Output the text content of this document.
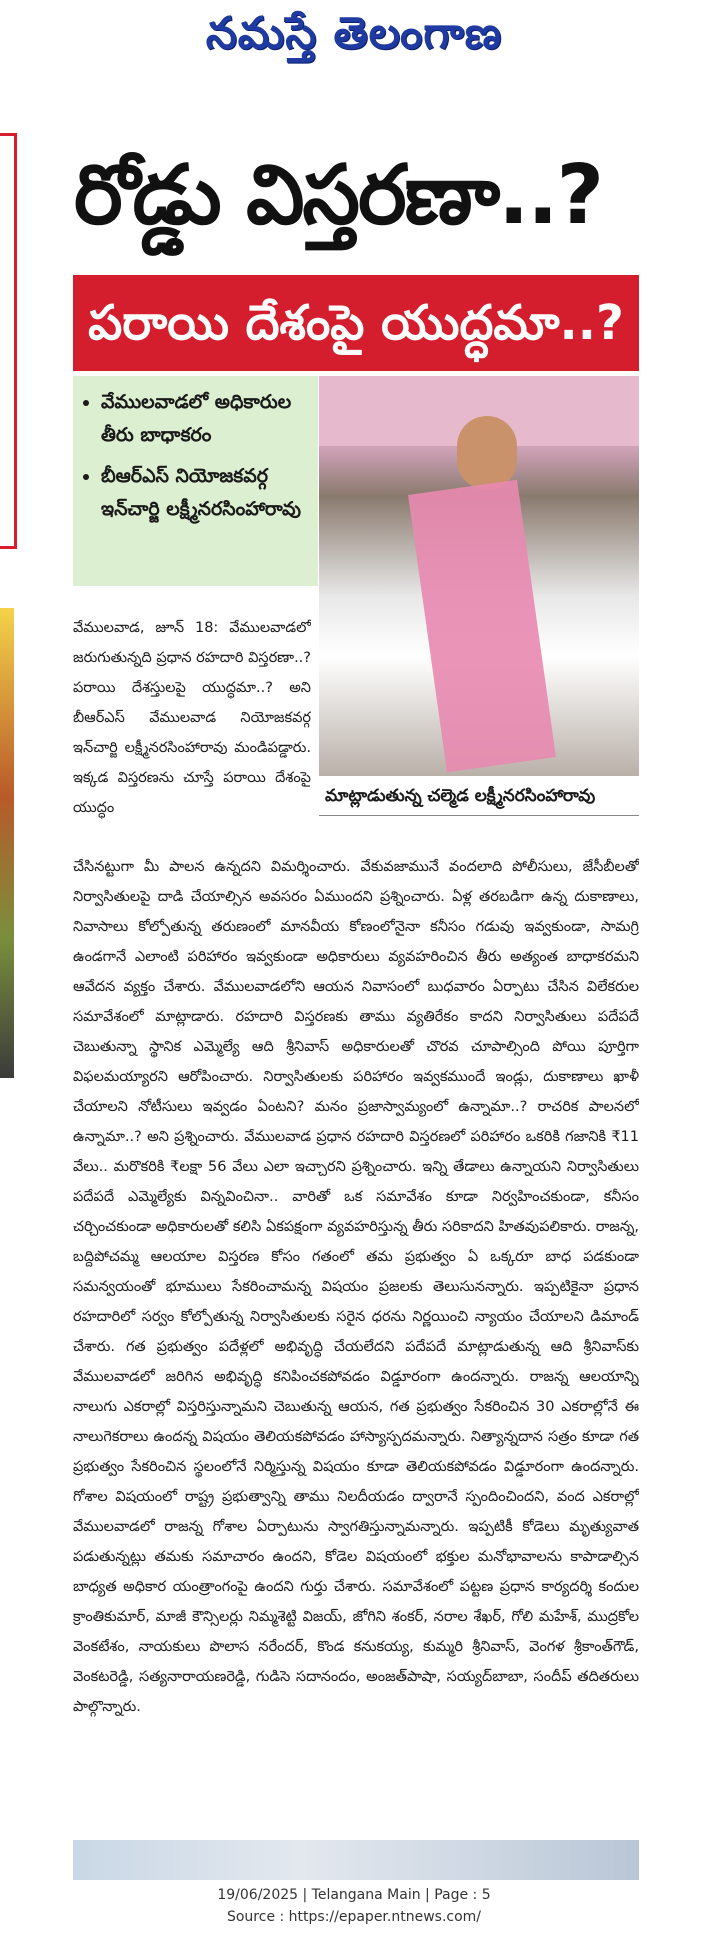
నమస్తే తెలంగాణ
రోడ్డు విస్తరణా..?
పరాయి దేశంపై యుద్ధమా..?
• వేములవాడలో అధికారుల తీరు బాధాకరం
• బీఆర్ఎస్ నియోజకవర్గ ఇన్‌చార్జి లక్ష్మీనరసింహారావు
మాట్లాడుతున్న చల్మెడ లక్ష్మీనరసింహారావు

వేములవాడ, జూన్ 18: వేములవాడలో జరుగుతున్నది ప్రధాన రహదారి విస్తరణా..? పరాయి దేశస్తులపై యుద్ధమా..? అని బీఆర్ఎస్ వేములవాడ నియోజకవర్గ ఇన్‌చార్జి లక్ష్మీనరసింహారావు మండిపడ్డారు. ఇక్కడ విస్తరణను చూస్తే పరాయి దేశంపై యుద్ధం

చేసినట్టుగా మీ పాలన ఉన్నదని విమర్శించారు. వేకువజామునే వందలాది పోలీసులు, జేసీబీలతో నిర్వాసితులపై దాడి చేయాల్సిన అవసరం ఏముందని ప్రశ్నించారు. ఏళ్ల తరబడిగా ఉన్న దుకాణాలు, నివాసాలు కోల్పోతున్న తరుణంలో మానవీయ కోణంలోనైనా కనీసం గడువు ఇవ్వకుండా, సామగ్రి ఉండగానే ఎలాంటి పరిహారం ఇవ్వకుండా అధికారులు వ్యవహరించిన తీరు అత్యంత బాధాకరమని ఆవేదన వ్యక్తం చేశారు. వేములవాడలోని ఆయన నివాసంలో బుధవారం ఏర్పాటు చేసిన విలేకరుల సమావేశంలో మాట్లాడారు. రహదారి విస్తరణకు తాము వ్యతిరేకం కాదని నిర్వాసితులు పదేపదే చెబుతున్నా స్థానిక ఎమ్మెల్యే ఆది శ్రీనివాస్ అధికారులతో చొరవ చూపాల్సింది పోయి పూర్తిగా విఫలమయ్యారని ఆరోపించారు. నిర్వాసితులకు పరిహారం ఇవ్వకముందే ఇండ్లు, దుకాణాలు ఖాళీ చేయాలని నోటీసులు ఇవ్వడం ఏంటని? మనం ప్రజాస్వామ్యంలో ఉన్నామా..? రాచరిక పాలనలో ఉన్నామా..? అని ప్రశ్నించారు. వేములవాడ ప్రధాన రహదారి విస్తరణలో పరిహారం ఒకరికి గజానికి ₹11 వేలు.. మరొకరికి ₹లక్షా 56 వేలు ఎలా ఇచ్చారని ప్రశ్నించారు. ఇన్ని తేడాలు ఉన్నాయని నిర్వాసితులు పదేపదే ఎమ్మెల్యేకు విన్నవించినా.. వారితో ఒక సమావేశం కూడా నిర్వహించకుండా, కనీసం చర్చించకుండా అధికారులతో కలిసి ఏకపక్షంగా వ్యవహరిస్తున్న తీరు సరికాదని హితవుపలికారు. రాజన్న, బద్దిపోచమ్మ ఆలయాల విస్తరణ కోసం గతంలో తమ ప్రభుత్వం ఏ ఒక్కరూ బాధ పడకుండా సమన్వయంతో భూములు సేకరించామన్న విషయం ప్రజలకు తెలుసునన్నారు. ఇప్పటికైనా ప్రధాన రహదారిలో సర్వం కోల్పోతున్న నిర్వాసితులకు సరైన ధరను నిర్ణయించి న్యాయం చేయాలని డిమాండ్ చేశారు. గత ప్రభుత్వం పదేళ్లలో అభివృద్ధి చేయలేదని పదేపదే మాట్లాడుతున్న ఆది శ్రీనివాస్‌కు వేములవాడలో జరిగిన అభివృద్ధి కనిపించకపోవడం విడ్డూరంగా ఉందన్నారు. రాజన్న ఆలయాన్ని నాలుగు ఎకరాల్లో విస్తరిస్తున్నామని చెబుతున్న ఆయన, గత ప్రభుత్వం సేకరించిన 30 ఎకరాల్లోనే ఈ నాలుగెకరాలు ఉందన్న విషయం తెలియకపోవడం హాస్యాస్పదమన్నారు. నిత్యాన్నదాన సత్రం కూడా గత ప్రభుత్వం సేకరించిన స్థలంలోనే నిర్మిస్తున్న విషయం కూడా తెలియకపోవడం విడ్డూరంగా ఉందన్నారు. గోశాల విషయంలో రాష్ట్ర ప్రభుత్వాన్ని తాము నిలదీయడం ద్వారానే స్పందించిందని, వంద ఎకరాల్లో వేములవాడలో రాజన్న గోశాల ఏర్పాటును స్వాగతిస్తున్నామన్నారు. ఇప్పటికీ కోడెలు మృత్యువాత పడుతున్నట్లు తమకు సమాచారం ఉందని, కోడెల విషయంలో భక్తుల మనోభావాలను కాపాడాల్సిన బాధ్యత అధికార యంత్రాంగంపై ఉందని గుర్తు చేశారు. సమావేశంలో పట్టణ ప్రధాన కార్యదర్శి కందుల క్రాంతికుమార్, మాజీ కౌన్సిలర్లు నిమ్మశెట్టి విజయ్, జోగిని శంకర్, నరాల శేఖర్, గోలి మహేశ్, ముద్రకోల వెంకటేశం, నాయకులు పొలాస నరేందర్, కొండ కనుకయ్య, కుమ్మరి శ్రీనివాస్, వెంగళ శ్రీకాంత్‌గౌడ్, వెంకటరెడ్డి, సత్యనారాయణరెడ్డి, గుడిసె సదానందం, అంజత్‌పాషా, సయ్యద్‌బాబా, సందీప్ తదితరులు పాల్గొన్నారు.

19/06/2025 | Telangana Main | Page : 5
Source : https://epaper.ntnews.com/
